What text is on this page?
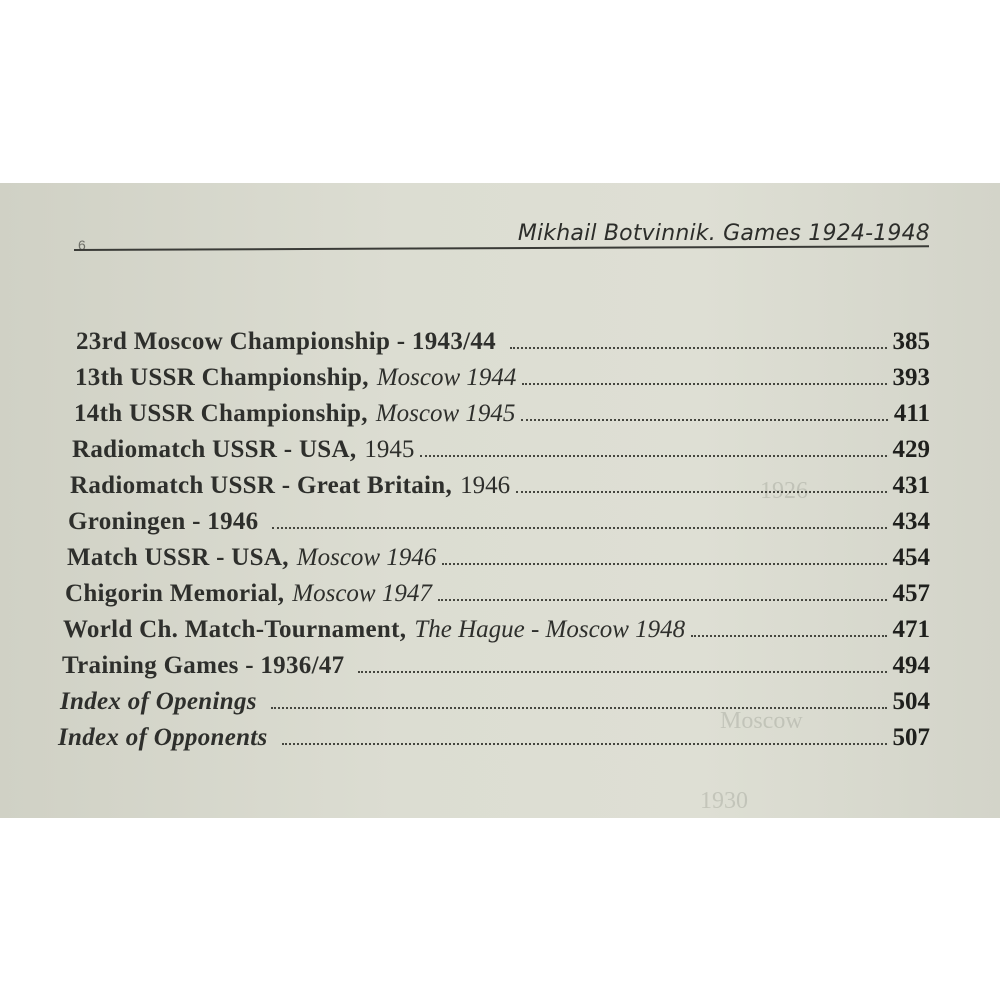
1926
Moscow
1930
6	Mikhail Botvinnik. Games 1924-1948
23rd Moscow Championship - 1943/44	385
13th USSR Championship, Moscow 1944	393
14th USSR Championship, Moscow 1945	411
Radiomatch USSR - USA, 1945	429
Radiomatch USSR - Great Britain, 1946	431
Groningen - 1946	434
Match USSR - USA, Moscow 1946	454
Chigorin Memorial, Moscow 1947	457
World Ch. Match-Tournament, The Hague - Moscow 1948	471
Training Games - 1936/47	494
Index of Openings	504
Index of Opponents	507
